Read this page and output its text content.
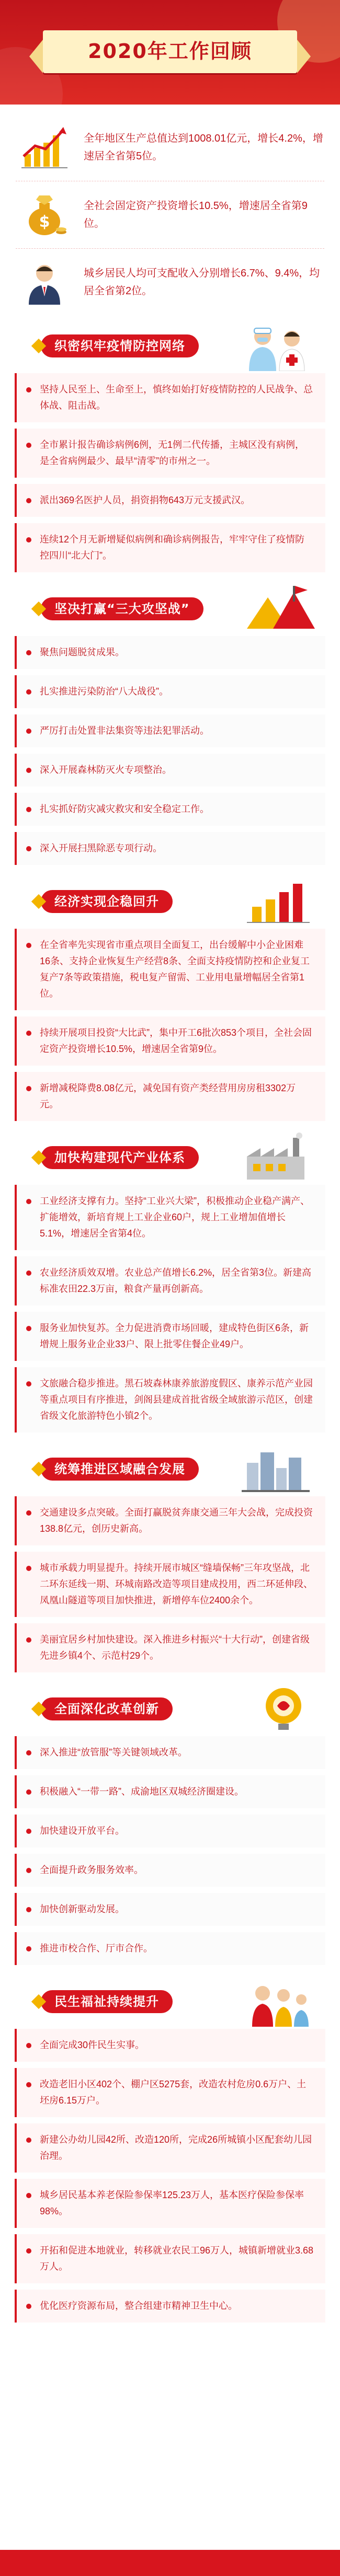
2020年工作回顾
全年地区生产总值达到1008.01亿元，增长4.2%，增速居全省第5位。
$
全社会固定资产投资增长10.5%，增速居全省第9位。
城乡居民人均可支配收入分别增长6.7%、9.4%，均居全省第2位。
织密织牢疫情防控网络
坚持人民至上、生命至上，慎终如始打好疫情防控的人民战争、总体战、阻击战。
全市累计报告确诊病例6例，无1例二代传播，主城区没有病例，是全省病例最少、最早“清零”的市州之一。
派出369名医护人员，捐资捐物643万元支援武汉。
连续12个月无新增疑似病例和确诊病例报告，牢牢守住了疫情防控四川“北大门”。
坚决打赢“三大攻坚战”
聚焦问题脱贫成果。
扎实推进污染防治“八大战役”。
严厉打击处置非法集资等违法犯罪活动。
深入开展森林防灭火专项整治。
扎实抓好防灾减灾救灾和安全稳定工作。
深入开展扫黑除恶专项行动。
经济实现企稳回升
在全省率先实现省市重点项目全面复工，出台缓解中小企业困难16条、支持企业恢复生产经营8条、全面支持疫情防控和企业复工复产7条等政策措施，税电复产留需、工业用电量增幅居全省第1位。
持续开展项目投资“大比武”，集中开工6批次853个项目，全社会固定资产投资增长10.5%，增速居全省第9位。
新增减税降费8.08亿元，减免国有资产类经营用房房租3302万元。
加快构建现代产业体系
工业经济支撑有力。坚持“工业兴大梁”，积极推动企业稳产满产、扩能增效，新培育规上工业企业60户，规上工业增加值增长5.1%，增速居全省第4位。
农业经济质效双增。农业总产值增长6.2%，居全省第3位。新建高标准农田22.3万亩，粮食产量再创新高。
服务业加快复苏。全力促进消费市场回暖，建成特色街区6条，新增规上服务业企业33户、限上批零住餐企业49户。
文旅融合稳步推进。黑石坡森林康养旅游度假区、康养示范产业园等重点项目有序推进，剑阁县建成首批省级全域旅游示范区，创建省级文化旅游特色小镇2个。
统筹推进区域融合发展
交通建设多点突破。全面打赢脱贫奔康交通三年大会战，完成投资138.8亿元，创历史新高。
城市承载力明显提升。持续开展市城区“缝墙保畅”三年攻坚战，北二环东延线一期、环城南路改造等项目建成投用，西二环延伸段、凤凰山隧道等项目加快推进，新增停车位2400余个。
美丽宜居乡村加快建设。深入推进乡村振兴“十大行动”，创建省级先进乡镇4个、示范村29个。
全面深化改革创新
深入推进“放管服”等关键领域改革。
积极融入“一带一路”、成渝地区双城经济圈建设。
加快建设开放平台。
全面提升政务服务效率。
加快创新驱动发展。
推进市校合作、厅市合作。
民生福祉持续提升
全面完成30件民生实事。
改造老旧小区402个、棚户区5275套，改造农村危房0.6万户、土坯房6.15万户。
新建公办幼儿园42所、改造120所，完成26所城镇小区配套幼儿园治理。
城乡居民基本养老保险参保率125.23万人，基本医疗保险参保率98%。
开拓和促进本地就业，转移就业农民工96万人，城镇新增就业3.68万人。
优化医疗资源布局，整合组建市精神卫生中心。
